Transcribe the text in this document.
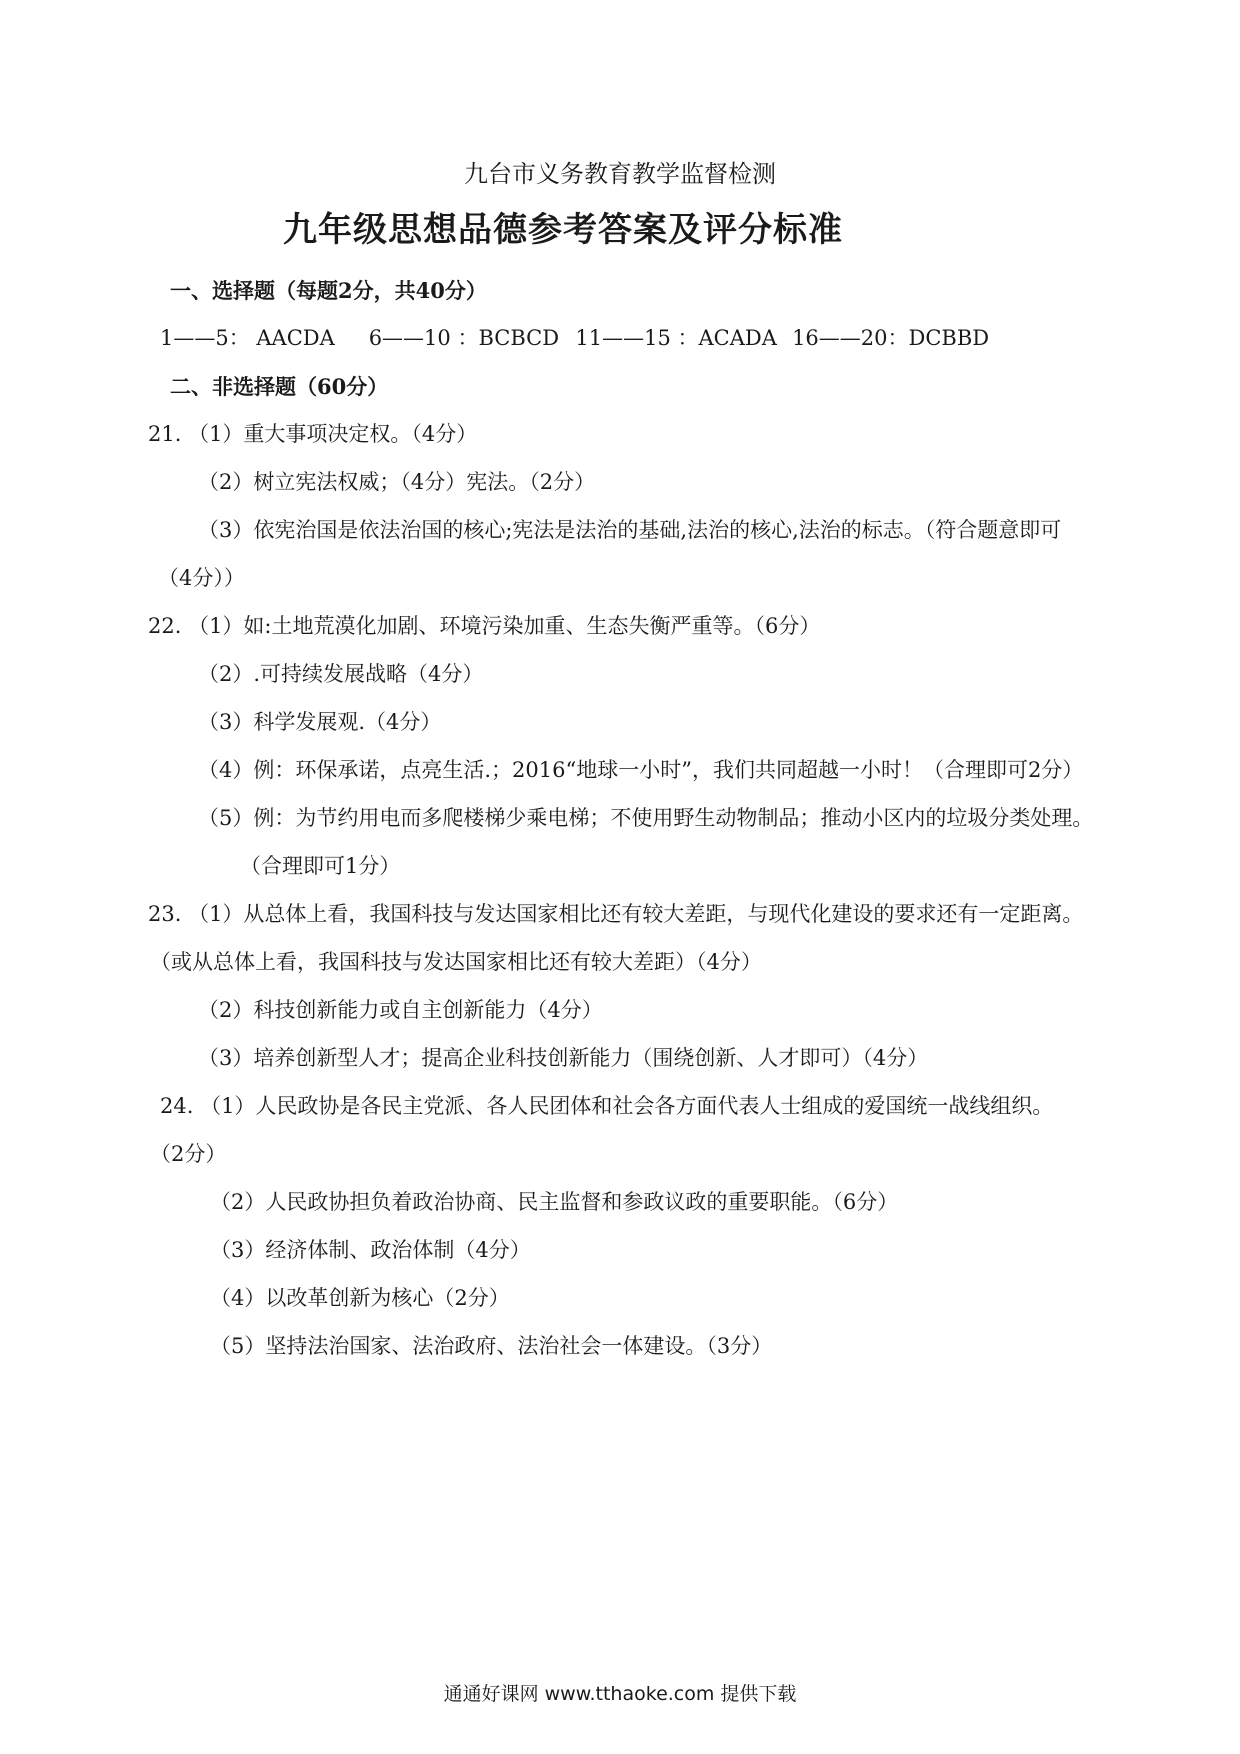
九台市义务教育教学监督检测
九年级思想品德参考答案及评分标准
一、选择题（每题2分，共40分）
1——5： AACDA 6——10 ：BCBCD 11——15 ：ACADA 16——20：DCBBD
二、非选择题（60分）
21. （1）重大事项决定权。（4分）
（2）树立宪法权威；（4分）宪法。（2分）
（3）依宪治国是依法治国的核心;宪法是法治的基础,法治的核心,法治的标志。（符合题意即可
（4分））
22. （1）如:土地荒漠化加剧、环境污染加重、生态失衡严重等。（6分）
（2）.可持续发展战略（4分）
（3）科学发展观.（4分）
（4）例：环保承诺，点亮生活.；2016“地球一小时”，我们共同超越一小时！（合理即可2分）
（5）例：为节约用电而多爬楼梯少乘电梯；不使用野生动物制品；推动小区内的垃圾分类处理。
（合理即可1分）
23. （1）从总体上看，我国科技与发达国家相比还有较大差距，与现代化建设的要求还有一定距离。
（或从总体上看，我国科技与发达国家相比还有较大差距）（4分）
（2）科技创新能力或自主创新能力（4分）
（3）培养创新型人才；提高企业科技创新能力（围绕创新、人才即可）（4分）
24. （1）人民政协是各民主党派、各人民团体和社会各方面代表人士组成的爱国统一战线组织。
（2分）
（2）人民政协担负着政治协商、民主监督和参政议政的重要职能。（6分）
（3）经济体制、政治体制（4分）
（4）以改革创新为核心（2分）
（5）坚持法治国家、法治政府、法治社会一体建设。（3分）
通通好课网 www.tthaoke.com 提供下载
